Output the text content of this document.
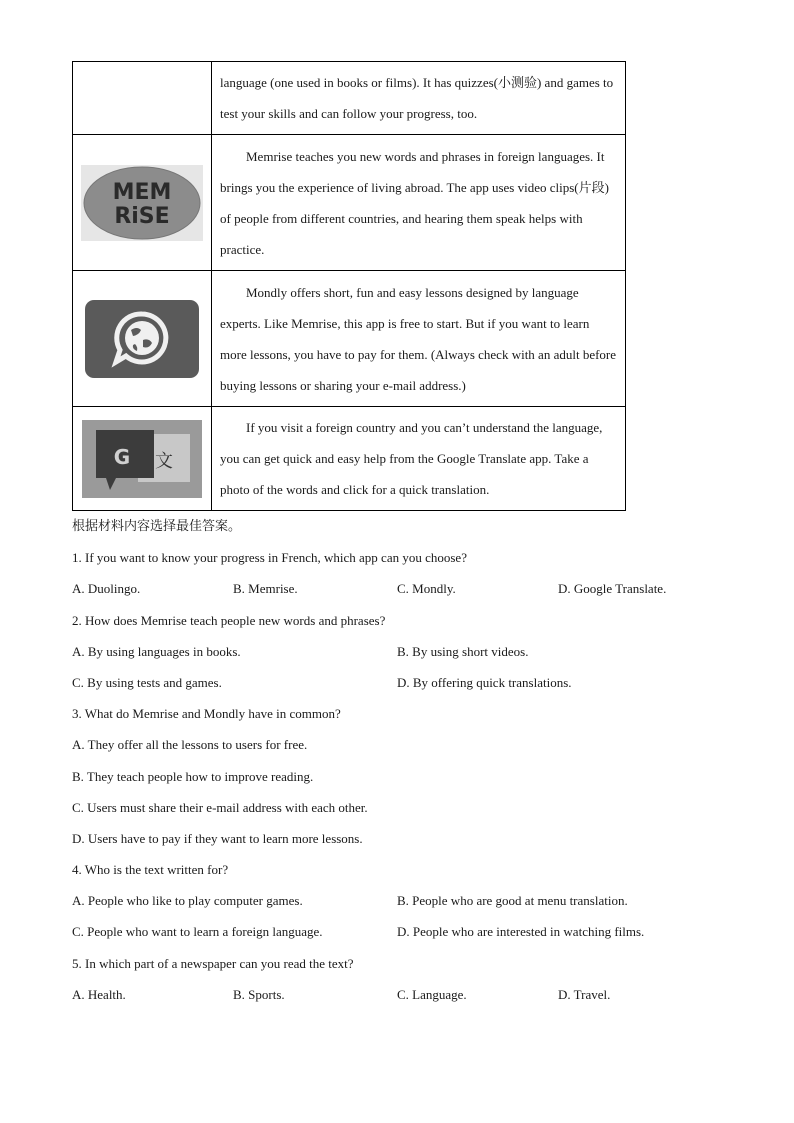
	language (one used in books or films). It has quizzes(小测验) and games to test your skills and can follow your progress, too.

MEM
RiSE	Memrise teaches you new words and phrases in foreign languages. It brings you the experience of living abroad. The app uses video clips(片段) of people from different countries, and hearing them speak helps with practice.

Mondly offers short, fun and easy lessons designed by language experts. Like Memrise, this app is free to start. But if you want to learn more lessons, you have to pay for them. (Always check with an adult before buying lessons or sharing your e-mail address.)

G 文	If you visit a foreign country and you can’t understand the language, you can get quick and easy help from the Google Translate app. Take a photo of the words and click for a quick translation.
根据材料内容选择最佳答案。
1. If you want to know your progress in French, which app can you choose?
A. Duolingo.	B. Memrise.	C. Mondly.	D. Google Translate.
2. How does Memrise teach people new words and phrases?
A. By using languages in books.	B. By using short videos.
C. By using tests and games.	D. By offering quick translations.
3. What do Memrise and Mondly have in common?
A. They offer all the lessons to users for free.
B. They teach people how to improve reading.
C. Users must share their e-mail address with each other.
D. Users have to pay if they want to learn more lessons.
4. Who is the text written for?
A. People who like to play computer games.	B. People who are good at menu translation.
C. People who want to learn a foreign language.	D. People who are interested in watching films.
5. In which part of a newspaper can you read the text?
A. Health.	B. Sports.	C. Language.	D. Travel.
